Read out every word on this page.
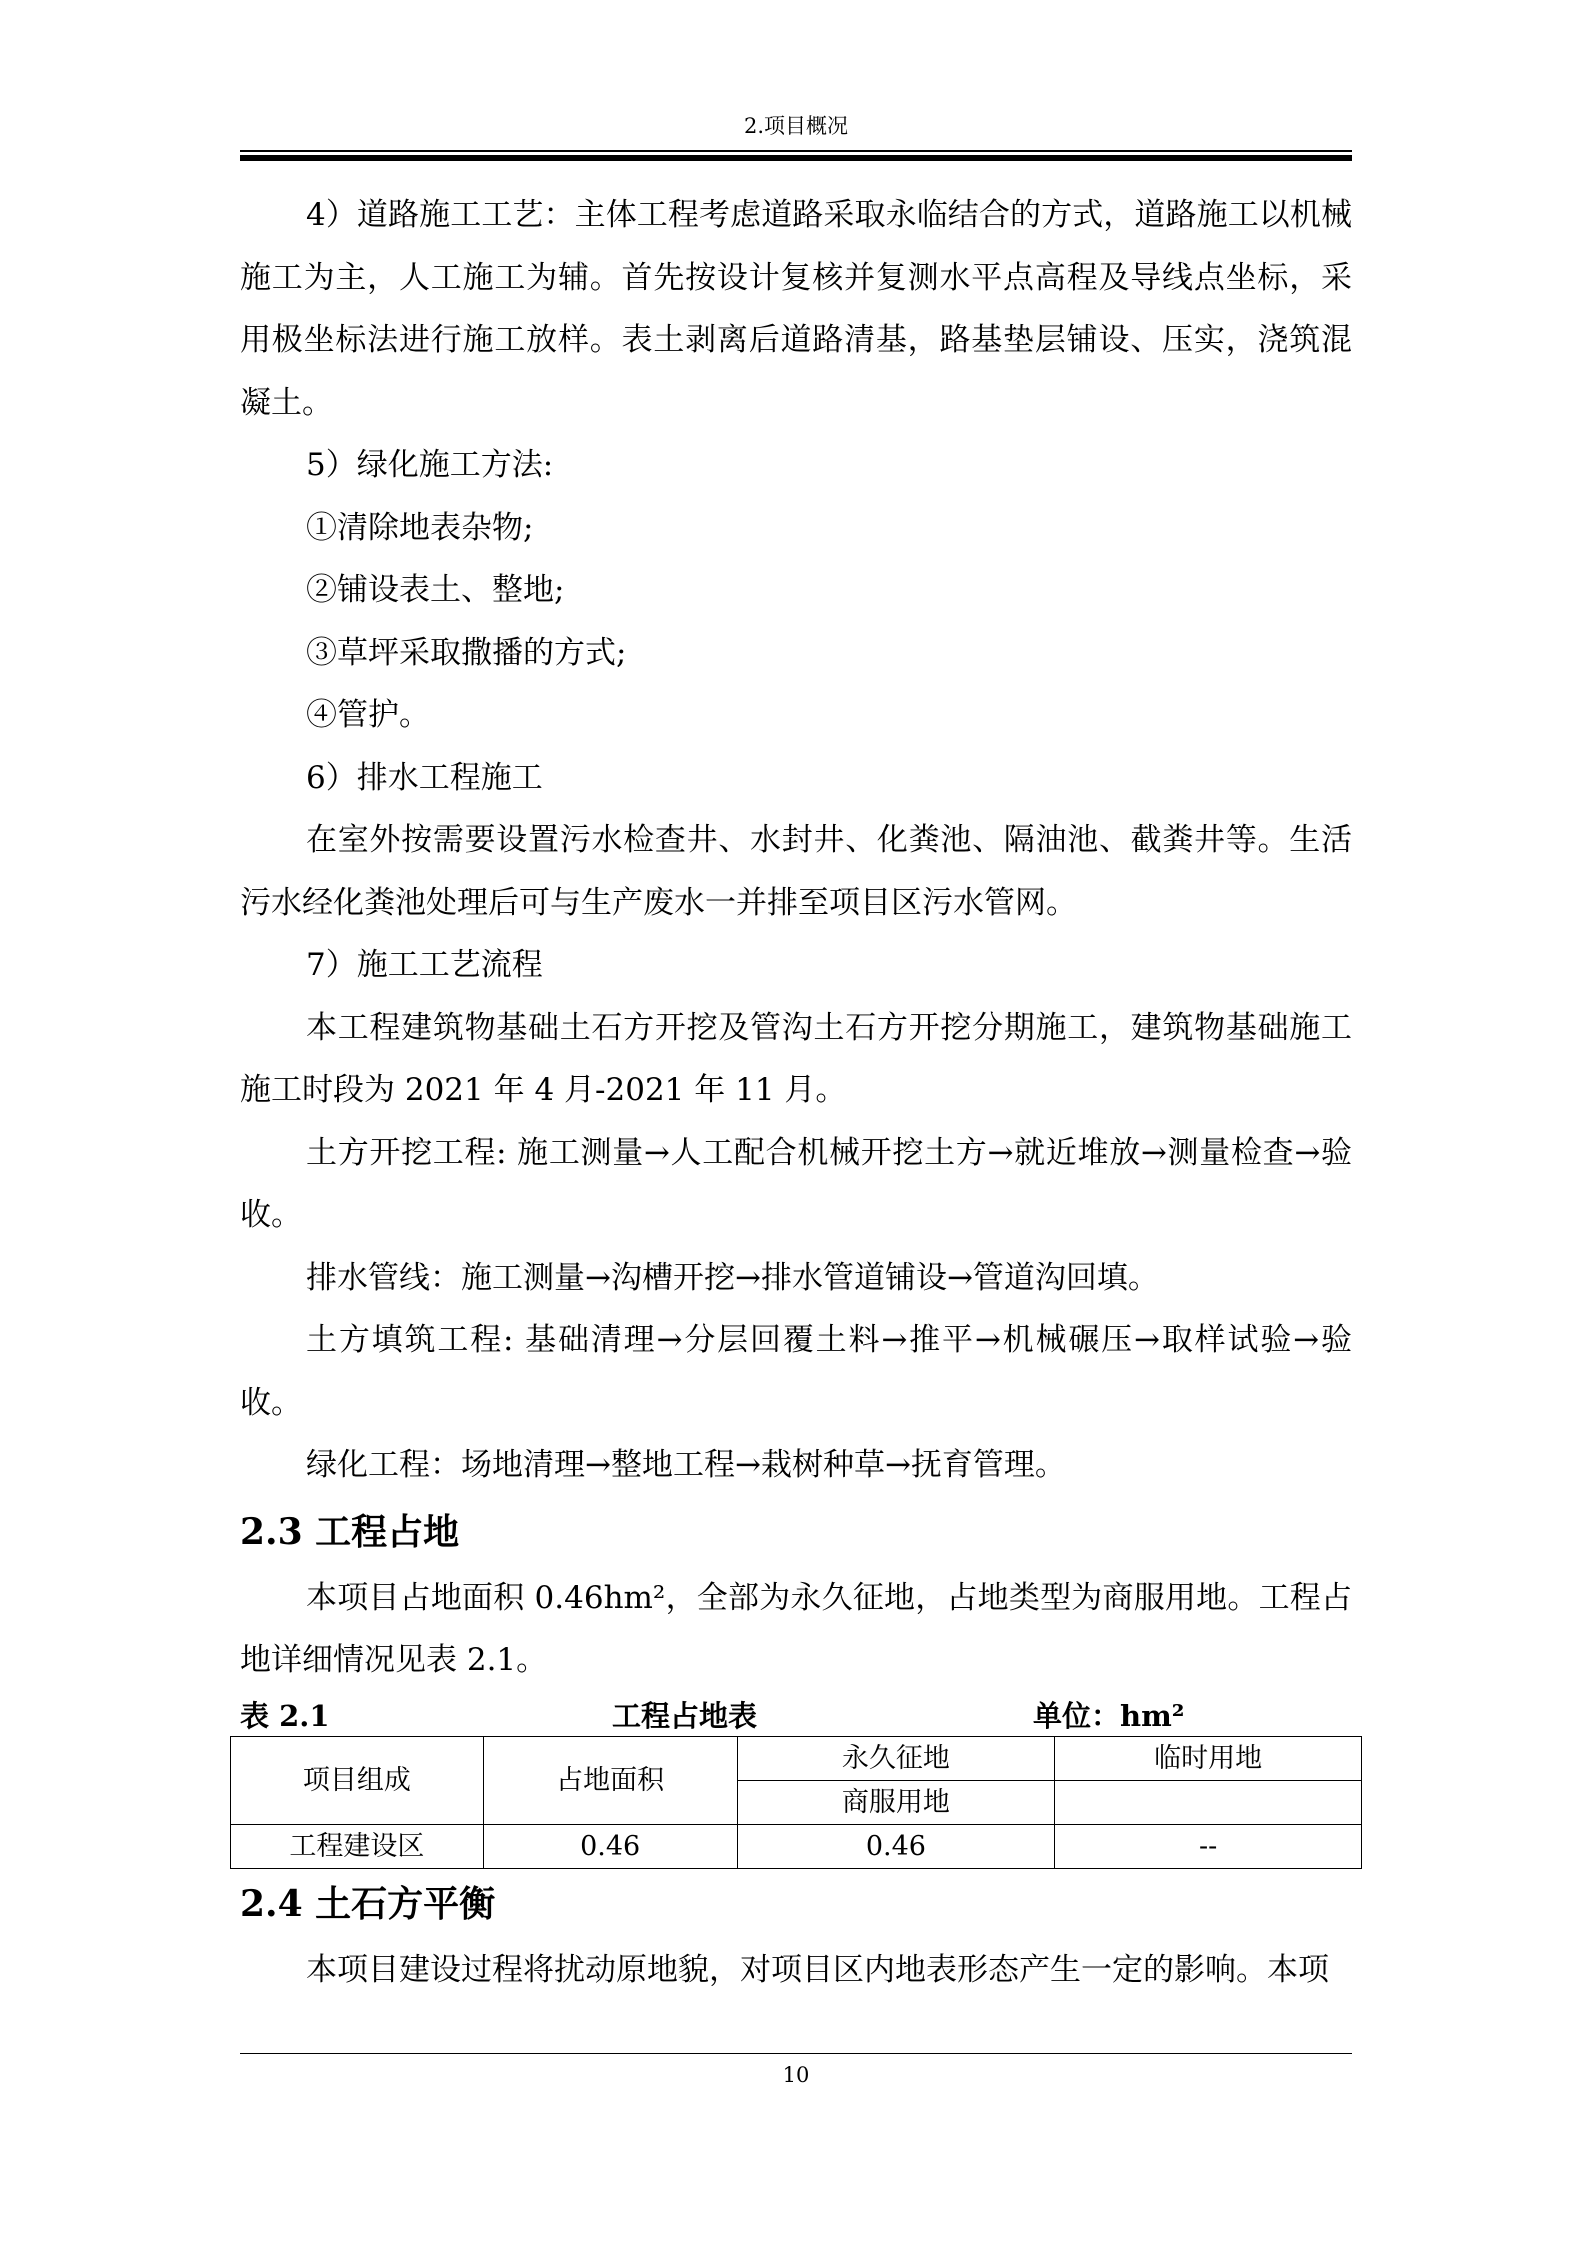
2.项目概况

4）道路施工工艺：主体工程考虑道路采取永临结合的方式，道路施工以机械施工为主，人工施工为辅。首先按设计复核并复测水平点高程及导线点坐标，采用极坐标法进行施工放样。表土剥离后道路清基，路基垫层铺设、压实，浇筑混凝土。

5）绿化施工方法:

①清除地表杂物;

②铺设表土、整地;

③草坪采取撒播的方式;

④管护。

6）排水工程施工

在室外按需要设置污水检查井、水封井、化粪池、隔油池、截粪井等。生活污水经化粪池处理后可与生产废水一并排至项目区污水管网。

7）施工工艺流程

本工程建筑物基础土石方开挖及管沟土石方开挖分期施工，建筑物基础施工施工时段为 2021 年 4 月-2021 年 11 月。

土方开挖工程: 施工测量→人工配合机械开挖土方→就近堆放→测量检查→验收。

排水管线：施工测量→沟槽开挖→排水管道铺设→管道沟回填。

土方填筑工程: 基础清理→分层回覆土料→推平→机械碾压→取样试验→验收。

绿化工程：场地清理→整地工程→栽树种草→抚育管理。

2.3 工程占地

本项目占地面积 0.46hm²，全部为永久征地，占地类型为商服用地。工程占地详细情况见表 2.1。

表 2.1	工程占地表	单位：hm²
项目组成	占地面积	永久征地	临时用地
		商服用地	
工程建设区	0.46	0.46	--
2.4 土石方平衡

本项目建设过程将扰动原地貌，对项目区内地表形态产生一定的影响。本项

10
